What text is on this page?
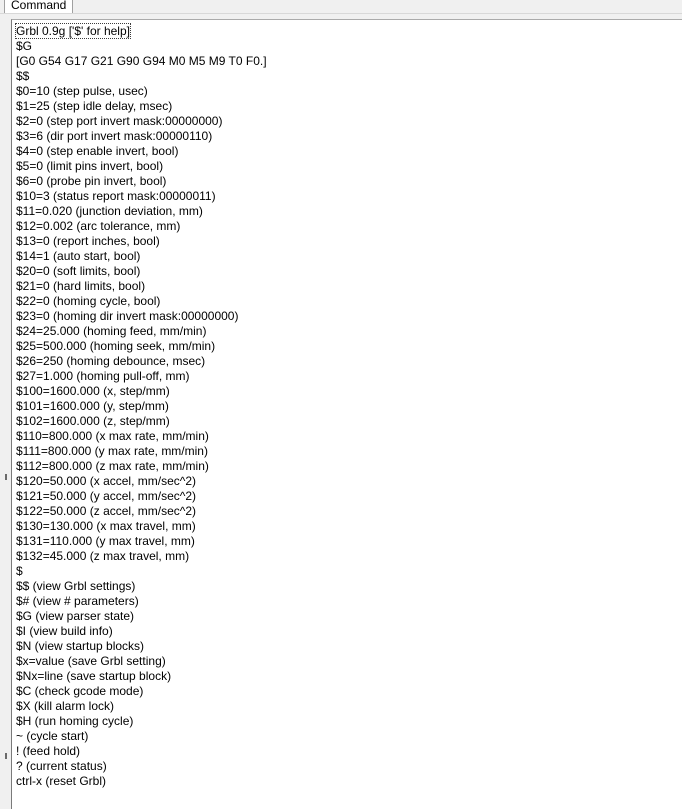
Command
Grbl 0.9g ['$' for help]
$G
[G0 G54 G17 G21 G90 G94 M0 M5 M9 T0 F0.]
$$
$0=10 (step pulse, usec)
$1=25 (step idle delay, msec)
$2=0 (step port invert mask:00000000)
$3=6 (dir port invert mask:00000110)
$4=0 (step enable invert, bool)
$5=0 (limit pins invert, bool)
$6=0 (probe pin invert, bool)
$10=3 (status report mask:00000011)
$11=0.020 (junction deviation, mm)
$12=0.002 (arc tolerance, mm)
$13=0 (report inches, bool)
$14=1 (auto start, bool)
$20=0 (soft limits, bool)
$21=0 (hard limits, bool)
$22=0 (homing cycle, bool)
$23=0 (homing dir invert mask:00000000)
$24=25.000 (homing feed, mm/min)
$25=500.000 (homing seek, mm/min)
$26=250 (homing debounce, msec)
$27=1.000 (homing pull-off, mm)
$100=1600.000 (x, step/mm)
$101=1600.000 (y, step/mm)
$102=1600.000 (z, step/mm)
$110=800.000 (x max rate, mm/min)
$111=800.000 (y max rate, mm/min)
$112=800.000 (z max rate, mm/min)
$120=50.000 (x accel, mm/sec^2)
$121=50.000 (y accel, mm/sec^2)
$122=50.000 (z accel, mm/sec^2)
$130=130.000 (x max travel, mm)
$131=110.000 (y max travel, mm)
$132=45.000 (z max travel, mm)
$
$$ (view Grbl settings)
$# (view # parameters)
$G (view parser state)
$I (view build info)
$N (view startup blocks)
$x=value (save Grbl setting)
$Nx=line (save startup block)
$C (check gcode mode)
$X (kill alarm lock)
$H (run homing cycle)
~ (cycle start)
! (feed hold)
? (current status)
ctrl-x (reset Grbl)
